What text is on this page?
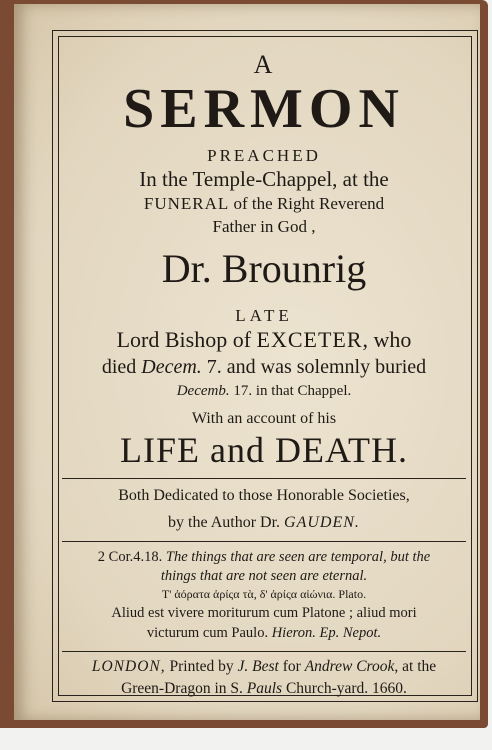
A
SERMON
PREACHED
In the Temple-Chappel, at the
FUNERAL of the Right Reverend
Father in God ,
Dr. Brounrig
LATE
Lord Bishop of EXCETER, who
died Decem. 7. and was solemnly buried
Decemb. 17. in that Chappel.
With an account of his
LIFE and DEATH.
Both Dedicated to those Honorable Societies,
by the Author Dr. GAUDEN.
2 Cor.4.18. The things that are seen are temporal, but the
things that are not seen are eternal.
Τ' ἀόρατα ἀρίςα τὰ, δ' ἀρίςα αἰώνια. Plato.
Aliud est vivere moriturum cum Platone ; aliud mori
victurum cum Paulo. Hieron. Ep. Nepot.
LONDON, Printed by J. Best for Andrew Crook, at the
Green-Dragon in S. Pauls Church-yard. 1660.
